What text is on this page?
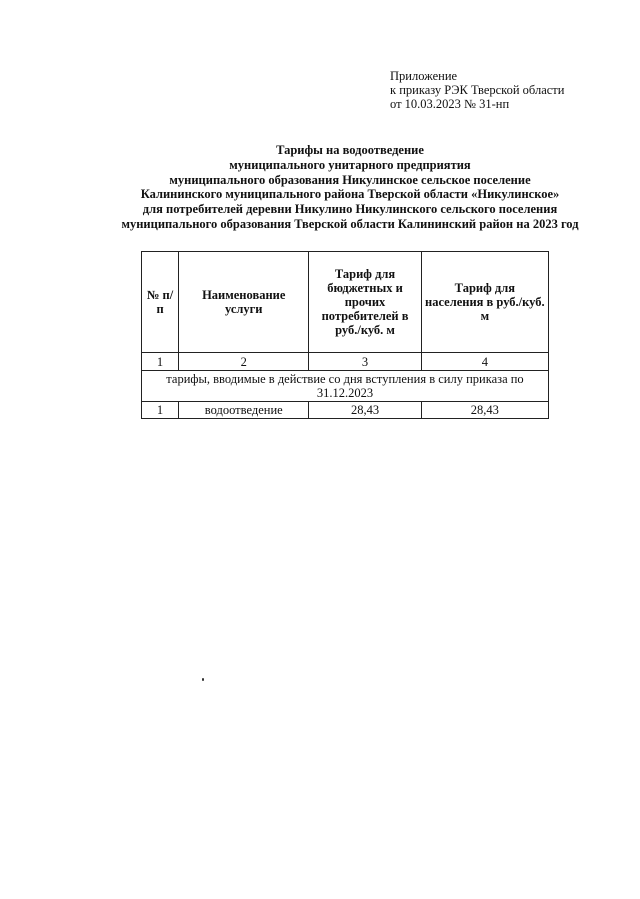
Приложение
к приказу РЭК Тверской области
от 10.03.2023 № 31-нп
Тарифы на водоотведение
муниципального унитарного предприятия
муниципального образования Никулинское сельское поселение
Калининского муниципального района Тверской области «Никулинское»
для потребителей деревни Никулино Никулинского сельского поселения
муниципального образования Тверской области Калининский район на 2023 год
№ п/п	Наименование услуги	Тариф для бюджетных и прочих потребителей в руб./куб. м	Тариф для населения в руб./куб. м
1	2	3	4
тарифы, вводимые в действие со дня вступления в силу приказа по 31.12.2023			
1	водоотведение	28,43	28,43
